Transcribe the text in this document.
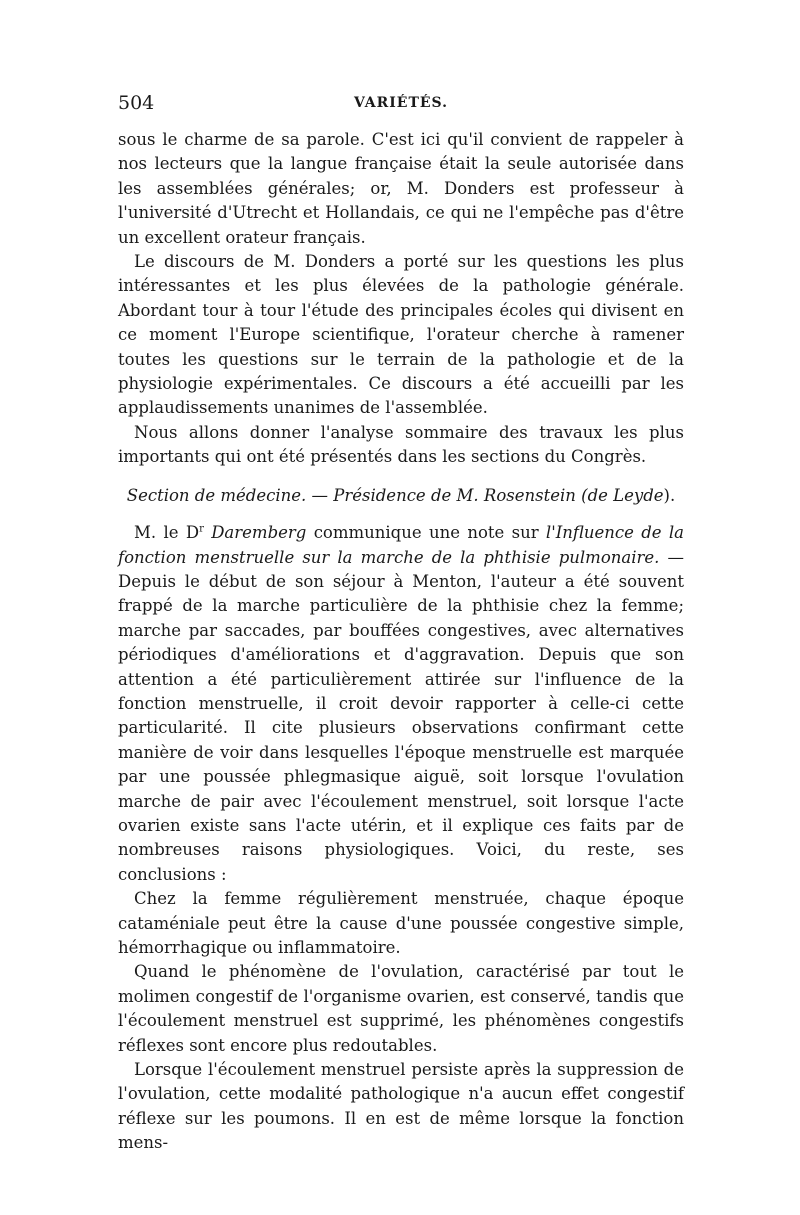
504	VARIÉTÉS.

sous le charme de sa parole. C'est ici qu'il convient de rappeler à nos lecteurs que la langue française était la seule autorisée dans les assemblées générales; or, M. Donders est professeur à l'université d'Utrecht et Hollandais, ce qui ne l'empêche pas d'être un excellent orateur français.

Le discours de M. Donders a porté sur les questions les plus intéressantes et les plus élevées de la pathologie générale. Abordant tour à tour l'étude des principales écoles qui divisent en ce moment l'Europe scientifique, l'orateur cherche à ramener toutes les questions sur le terrain de la pathologie et de la physiologie expérimentales. Ce discours a été accueilli par les applaudissements unanimes de l'assemblée.

Nous allons donner l'analyse sommaire des travaux les plus importants qui ont été présentés dans les sections du Congrès.

Section de médecine. — Présidence de M. Rosenstein (de Leyde).

M. le $D^r$ Daremberg communique une note sur l'Influence de la fonction menstruelle sur la marche de la phthisie pulmonaire. — Depuis le début de son séjour à Menton, l'auteur a été souvent frappé de la marche particulière de la phthisie chez la femme; marche par saccades, par bouffées congestives, avec alternatives périodiques d'améliorations et d'aggravation. Depuis que son attention a été particulièrement attirée sur l'influence de la fonction menstruelle, il croit devoir rapporter à celle-ci cette particularité. Il cite plusieurs observations confirmant cette manière de voir dans lesquelles l'époque menstruelle est marquée par une poussée phlegmasique aiguë, soit lorsque l'ovulation marche de pair avec l'écoulement menstruel, soit lorsque l'acte ovarien existe sans l'acte utérin, et il explique ces faits par de nombreuses raisons physiologiques. Voici, du reste, ses conclusions :

Chez la femme régulièrement menstruée, chaque époque cataméniale peut être la cause d'une poussée congestive simple, hémorrhagique ou inflammatoire.

Quand le phénomène de l'ovulation, caractérisé par tout le molimen congestif de l'organisme ovarien, est conservé, tandis que l'écoulement menstruel est supprimé, les phénomènes congestifs réflexes sont encore plus redoutables.

Lorsque l'écoulement menstruel persiste après la suppression de l'ovulation, cette modalité pathologique n'a aucun effet congestif réflexe sur les poumons. Il en est de même lorsque la fonction mens-
